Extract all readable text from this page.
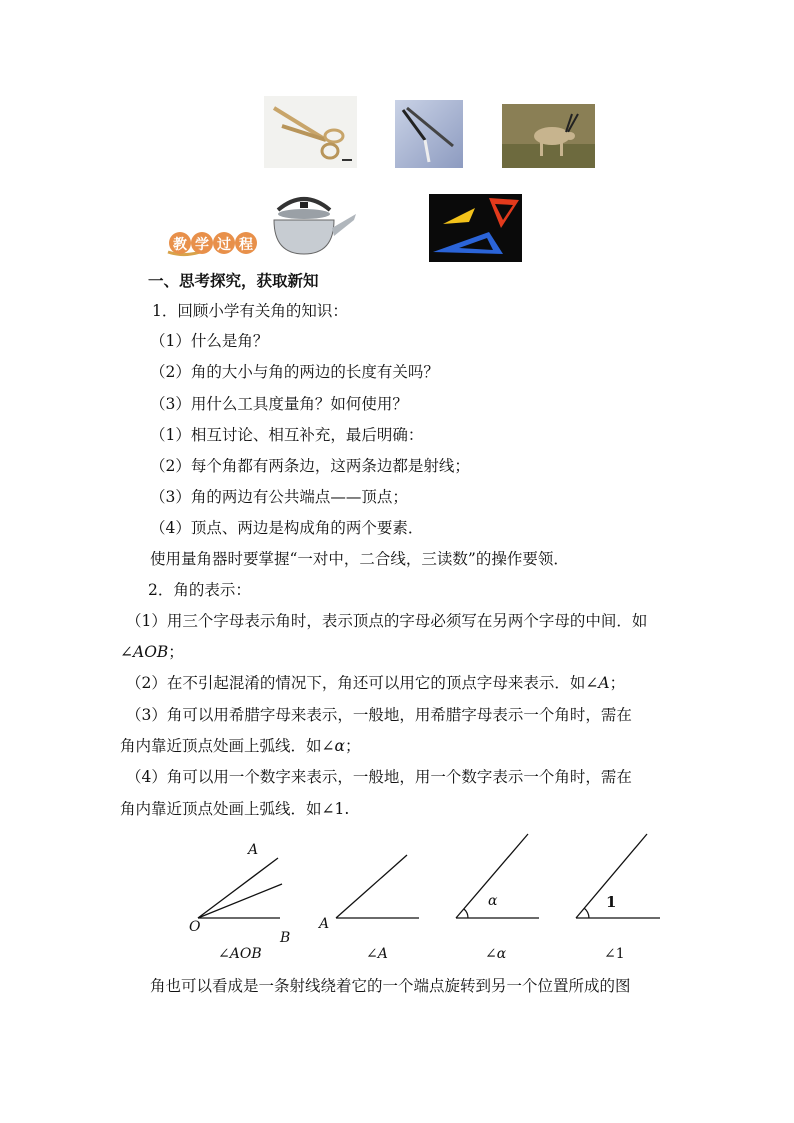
教学过程
一、思考探究，获取新知
1．回顾小学有关角的知识：
（1）什么是角？
（2）角的大小与角的两边的长度有关吗？
（3）用什么工具度量角？如何使用？
（1）相互讨论、相互补充，最后明确：
（2）每个角都有两条边，这两条边都是射线；
（3）角的两边有公共端点——顶点；
（4）顶点、两边是构成角的两个要素．
使用量角器时要掌握“一对中，二合线，三读数”的操作要领．
2．角的表示：
（1）用三个字母表示角时，表示顶点的字母必须写在另两个字母的中间．如
∠AOB；
（2）在不引起混淆的情况下，角还可以用它的顶点字母来表示．如∠A；
（3）角可以用希腊字母来表示，一般地，用希腊字母表示一个角时，需在
角内靠近顶点处画上弧线．如∠α；
（4）角可以用一个数字来表示，一般地，用一个数字表示一个角时，需在
角内靠近顶点处画上弧线．如∠1.
A
O
B
∠AOB
A
∠A
α
∠α
1
∠1
角也可以看成是一条射线绕着它的一个端点旋转到另一个位置所成的图
